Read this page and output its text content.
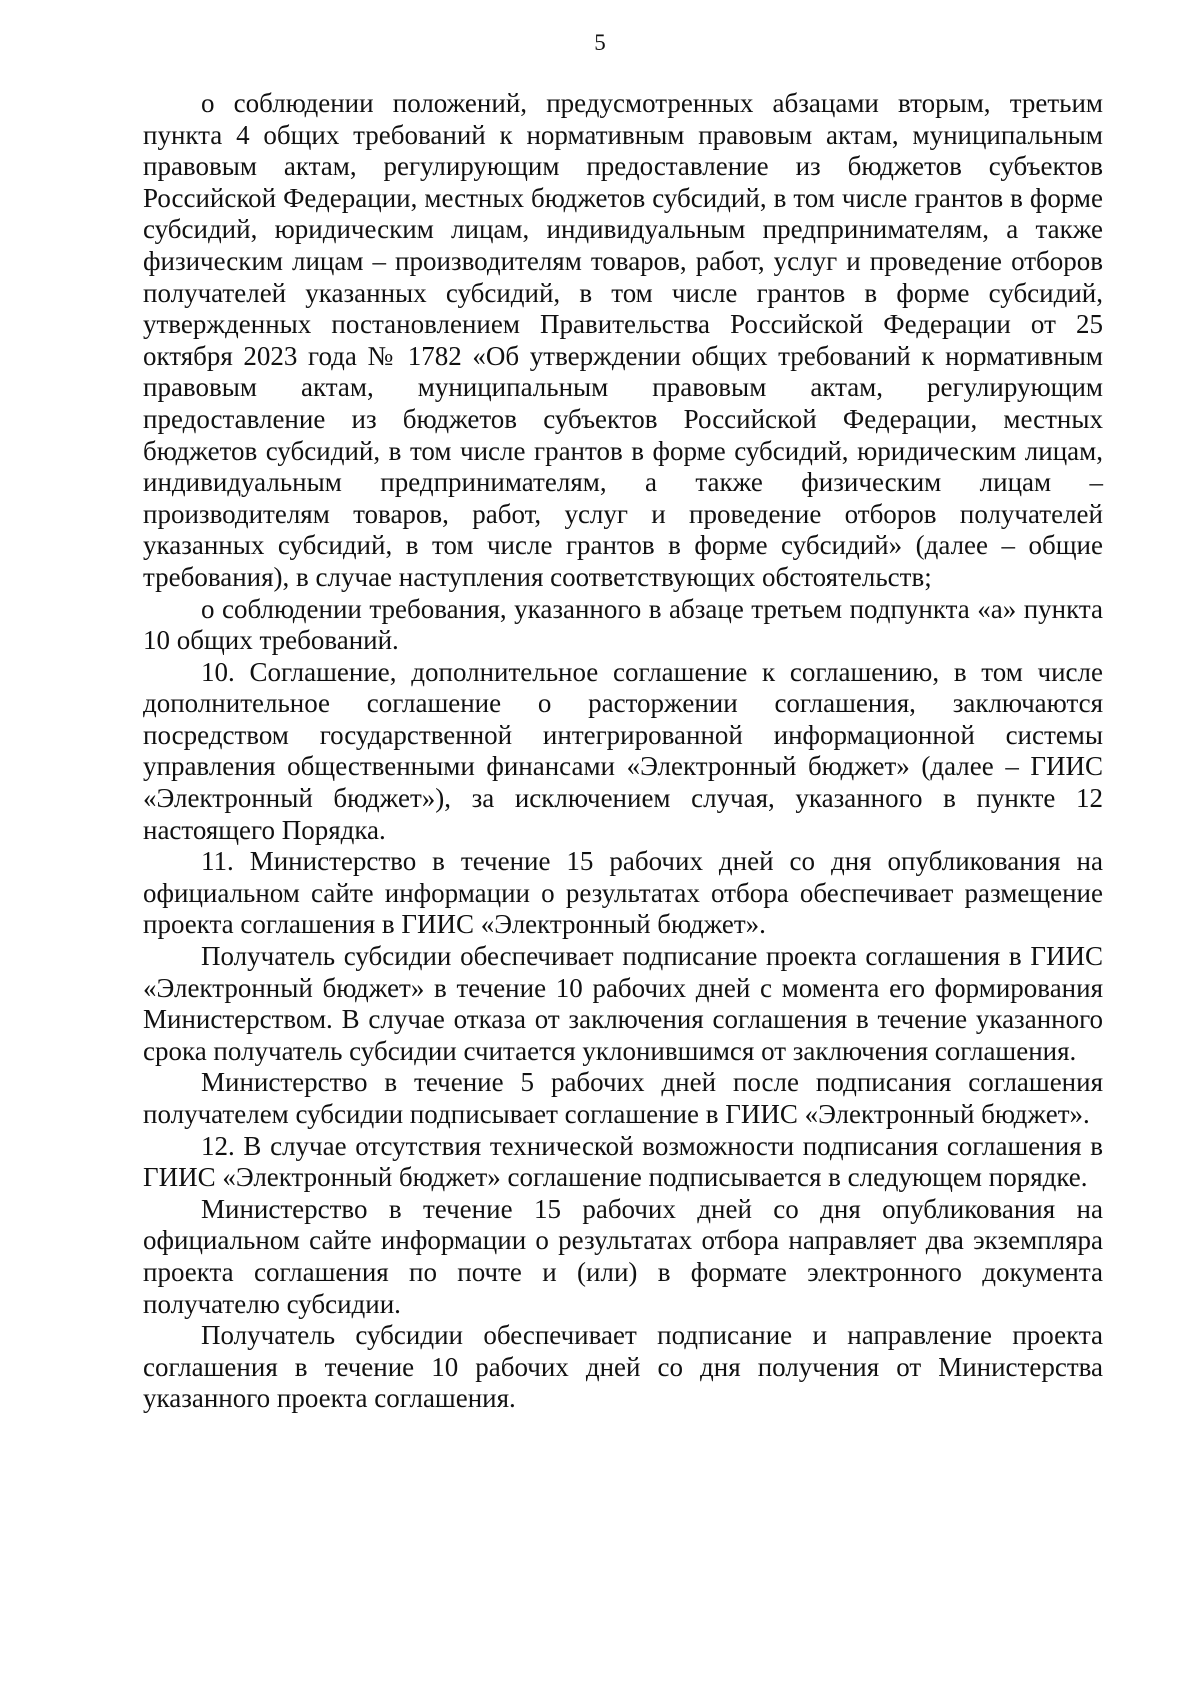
5

о соблюдении положений, предусмотренных абзацами вторым, третьим пункта 4 общих требований к нормативным правовым актам, муниципальным правовым актам, регулирующим предоставление из бюджетов субъектов Российской Федерации, местных бюджетов субсидий, в том числе грантов в форме субсидий, юридическим лицам, индивидуальным предпринимателям, а также физическим лицам – производителям товаров, работ, услуг и проведение отборов получателей указанных субсидий, в том числе грантов в форме субсидий, утвержденных постановлением Правительства Российской Федерации от 25 октября 2023 года № 1782 «Об утверждении общих требований к нормативным правовым актам, муниципальным правовым актам, регулирующим предоставление из бюджетов субъектов Российской Федерации, местных бюджетов субсидий, в том числе грантов в форме субсидий, юридическим лицам, индивидуальным предпринимателям, а также физическим лицам – производителям товаров, работ, услуг и проведение отборов получателей указанных субсидий, в том числе грантов в форме субсидий» (далее – общие требования), в случае наступления соответствующих обстоятельств;

о соблюдении требования, указанного в абзаце третьем подпункта «а» пункта 10 общих требований.

10. Соглашение, дополнительное соглашение к соглашению, в том числе дополнительное соглашение о расторжении соглашения, заключаются посредством государственной интегрированной информационной системы управления общественными финансами «Электронный бюджет» (далее – ГИИС «Электронный бюджет»), за исключением случая, указанного в пункте 12 настоящего Порядка.

11. Министерство в течение 15 рабочих дней со дня опубликования на официальном сайте информации о результатах отбора обеспечивает размещение проекта соглашения в ГИИС «Электронный бюджет».

Получатель субсидии обеспечивает подписание проекта соглашения в ГИИС «Электронный бюджет» в течение 10 рабочих дней с момента его формирования Министерством. В случае отказа от заключения соглашения в течение указанного срока получатель субсидии считается уклонившимся от заключения соглашения.

Министерство в течение 5 рабочих дней после подписания соглашения получателем субсидии подписывает соглашение в ГИИС «Электронный бюджет».

12. В случае отсутствия технической возможности подписания соглашения в ГИИС «Электронный бюджет» соглашение подписывается в следующем порядке.

Министерство в течение 15 рабочих дней со дня опубликования на официальном сайте информации о результатах отбора направляет два экземпляра проекта соглашения по почте и (или) в формате электронного документа получателю субсидии.

Получатель субсидии обеспечивает подписание и направление проекта соглашения в течение 10 рабочих дней со дня получения от Министерства указанного проекта соглашения.
